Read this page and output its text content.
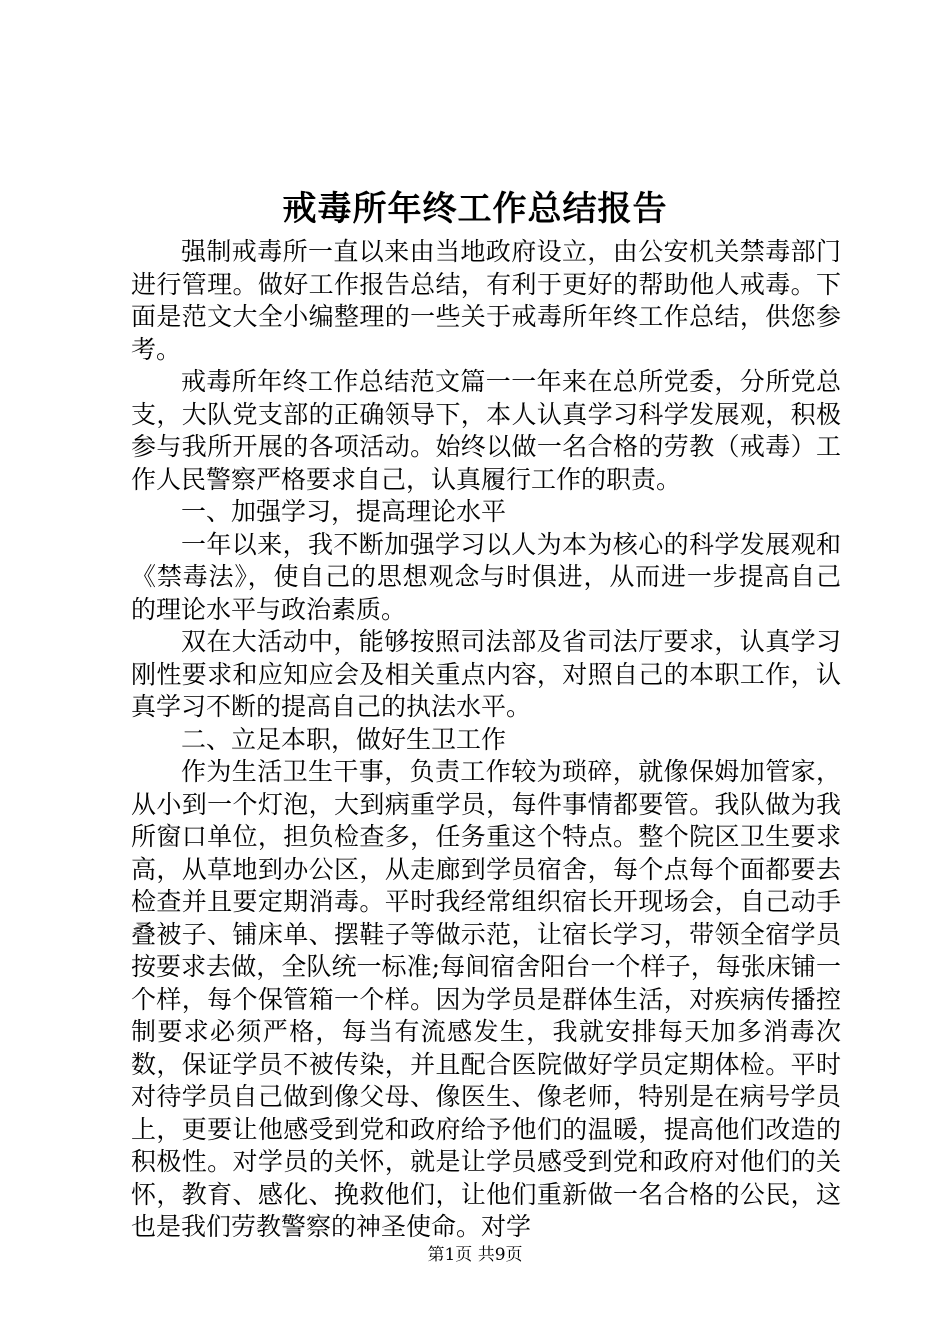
戒毒所年终工作总结报告

强制戒毒所一直以来由当地政府设立，由公安机关禁毒部门进行管理。做好工作报告总结，有利于更好的帮助他人戒毒。下面是范文大全小编整理的一些关于戒毒所年终工作总结，供您参考。

戒毒所年终工作总结范文篇一一年来在总所党委，分所党总支，大队党支部的正确领导下，本人认真学习科学发展观，积极参与我所开展的各项活动。始终以做一名合格的劳教（戒毒）工作人民警察严格要求自己，认真履行工作的职责。

一、加强学习，提高理论水平

一年以来，我不断加强学习以人为本为核心的科学发展观和《禁毒法》，使自己的思想观念与时俱进，从而进一步提高自己的理论水平与政治素质。

双在大活动中，能够按照司法部及省司法厅要求，认真学习刚性要求和应知应会及相关重点内容，对照自己的本职工作，认真学习不断的提高自己的执法水平。

二、立足本职，做好生卫工作

作为生活卫生干事，负责工作较为琐碎，就像保姆加管家，从小到一个灯泡，大到病重学员，每件事情都要管。我队做为我所窗口单位，担负检查多，任务重这个特点。整个院区卫生要求高，从草地到办公区，从走廊到学员宿舍，每个点每个面都要去检查并且要定期消毒。平时我经常组织宿长开现场会，自己动手叠被子、铺床单、摆鞋子等做示范，让宿长学习，带领全宿学员按要求去做，全队统一标准;每间宿舍阳台一个样子，每张床铺一个样，每个保管箱一个样。因为学员是群体生活，对疾病传播控制要求必须严格，每当有流感发生，我就安排每天加多消毒次数，保证学员不被传染，并且配合医院做好学员定期体检。平时对待学员自己做到像父母、像医生、像老师，特别是在病号学员上，更要让他感受到党和政府给予他们的温暖，提高他们改造的积极性。对学员的关怀，就是让学员感受到党和政府对他们的关怀，教育、感化、挽救他们，让他们重新做一名合格的公民，这也是我们劳教警察的神圣使命。对学

第1页 共9页
